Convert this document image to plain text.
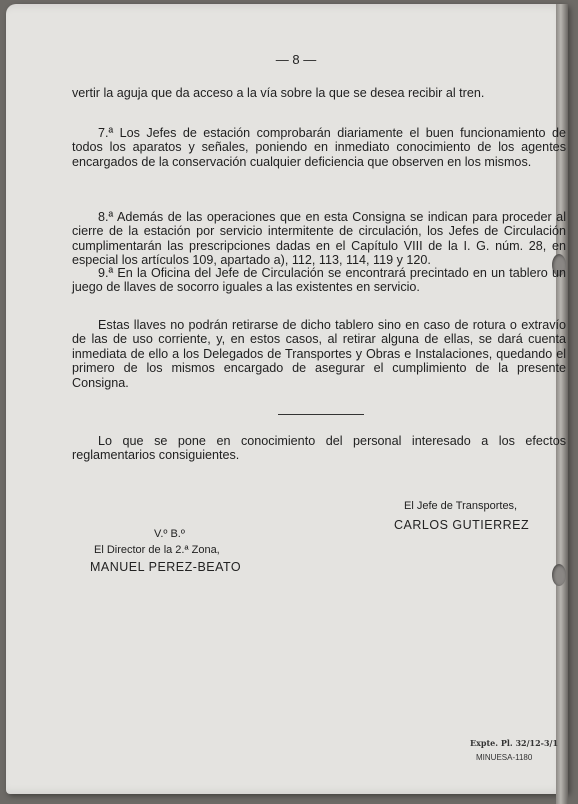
— 8 —

vertir la aguja que da acceso a la vía sobre la que se desea recibir al tren.

7.ª Los Jefes de estación comprobarán diariamente el buen funcionamiento de todos los aparatos y señales, poniendo en inmediato conocimiento de los agentes encargados de la conservación cualquier deficiencia que observen en los mismos.

8.ª Además de las operaciones que en esta Consigna se indican para proceder al cierre de la estación por servicio intermitente de circulación, los Jefes de Circulación cumplimentarán las prescripciones dadas en el Capítulo VIII de la I. G. núm. 28, en especial los artículos 109, apartado a), 112, 113, 114, 119 y 120.

9.ª En la Oficina del Jefe de Circulación se encontrará precintado en un tablero un juego de llaves de socorro iguales a las existentes en servicio.

Estas llaves no podrán retirarse de dicho tablero sino en caso de rotura o extravío de las de uso corriente, y, en estos casos, al retirar alguna de ellas, se dará cuenta inmediata de ello a los Delegados de Transportes y Obras e Instalaciones, quedando el primero de los mismos encargado de asegurar el cumplimiento de la presente Consigna.

Lo que se pone en conocimiento del personal interesado a los efectos reglamentarios consiguientes.

El Jefe de Transportes,
CARLOS GUTIERREZ
V.º B.º
El Director de la 2.ª Zona,
MANUEL PEREZ-BEATO
Expte. Pl. 32/12-3/1
MINUESA-1180
